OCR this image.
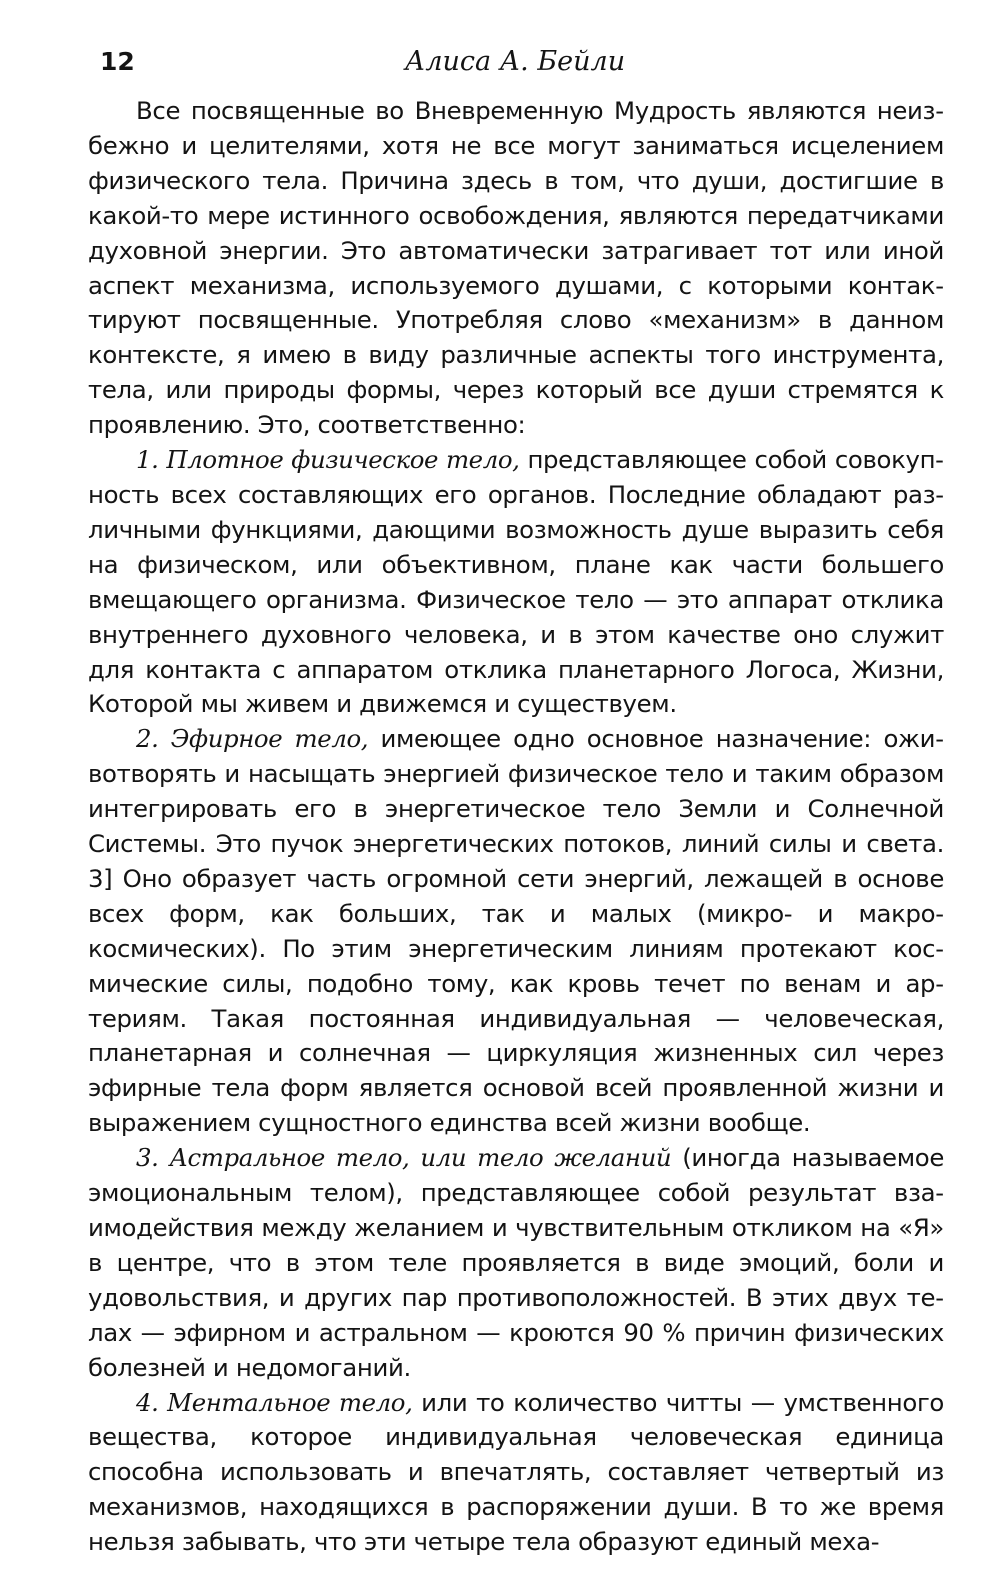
12	Алиса А. Бейли

Все посвященные во Вневременную Мудрость являются неизбежно и целителями, хотя не все могут заниматься исцелением физического тела. Причина здесь в том, что души, достигшие в какой-то мере истинного освобождения, являются передатчиками духовной энергии. Это автоматически затрагивает тот или иной аспект механизма, используемого душами, с которыми контактируют посвященные. Употребляя слово «механизм» в данном контексте, я имею в виду различные аспекты того инструмента, тела, или природы формы, через который все души стремятся к проявлению. Это, соответственно:

1. Плотное физическое тело, представляющее собой совокупность всех составляющих его органов. Последние обладают различными функциями, дающими возможность душе выразить себя на физическом, или объективном, плане как части большего вмещающего организма. Физическое тело — это аппарат отклика внутреннего духовного человека, и в этом качестве оно служит для контакта с аппаратом отклика планетарного Логоса, Жизни, Которой мы живем и движемся и существуем.

2. Эфирное тело, имеющее одно основное назначение: оживотворять и насыщать энергией физическое тело и таким образом интегрировать его в энергетическое тело Земли и Солнечной Системы. Это пучок энергетических потоков, линий силы и света. 3] Оно образует часть огромной сети энергий, лежащей в основе всех форм, как больших, так и малых (микро- и макрокосмических). По этим энергетическим линиям протекают космические силы, подобно тому, как кровь течет по венам и артериям. Такая постоянная индивидуальная — человеческая, планетарная и солнечная — циркуляция жизненных сил через эфирные тела форм является основой всей проявленной жизни и выражением сущностного единства всей жизни вообще.

3. Астральное тело, или тело желаний (иногда называемое эмоциональным телом), представляющее собой результат взаимодействия между желанием и чувствительным откликом на «Я» в центре, что в этом теле проявляется в виде эмоций, боли и удовольствия, и других пар противоположностей. В этих двух телах — эфирном и астральном — кроются 90 % причин физических болезней и недомоганий.

4. Ментальное тело, или то количество читты — умственного вещества, которое индивидуальная человеческая единица способна использовать и впечатлять, составляет четвертый из механизмов, находящихся в распоряжении души. В то же время нельзя забывать, что эти четыре тела образуют единый меха-
